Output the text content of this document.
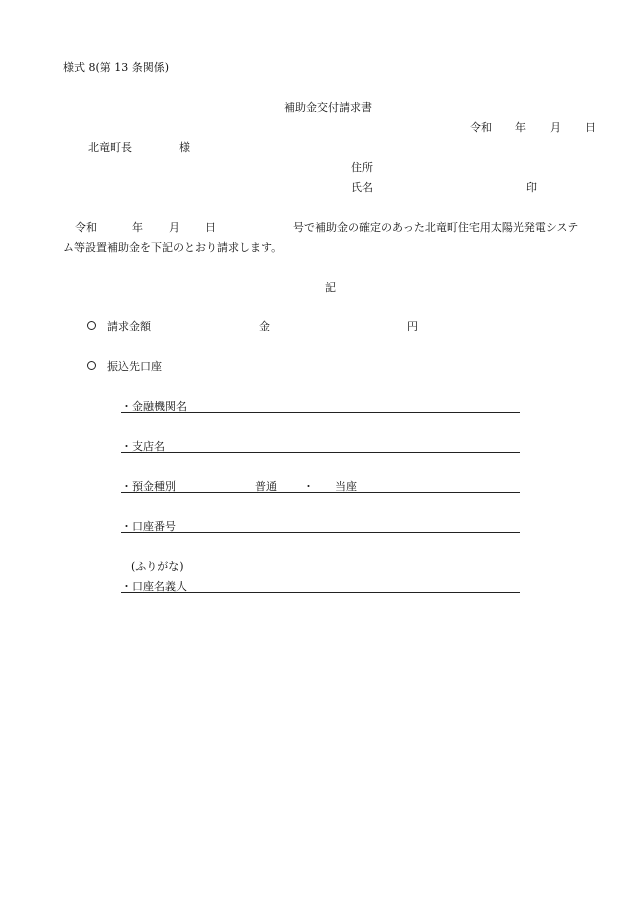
様式 8(第 13 条関係)
補助金交付請求書
令和 年 月 日
北竜町長	様
住所
氏名	印
令和	年 月 日	号で補助金の確定のあった北竜町住宅用太陽光発電システ
ム等設置補助金を下記のとおり請求します。
記
請求金額	金	円
振込先口座
・金融機関名
・支店名
・預金種別	普通 ・ 当座
・口座番号
(ふりがな)
・口座名義人
